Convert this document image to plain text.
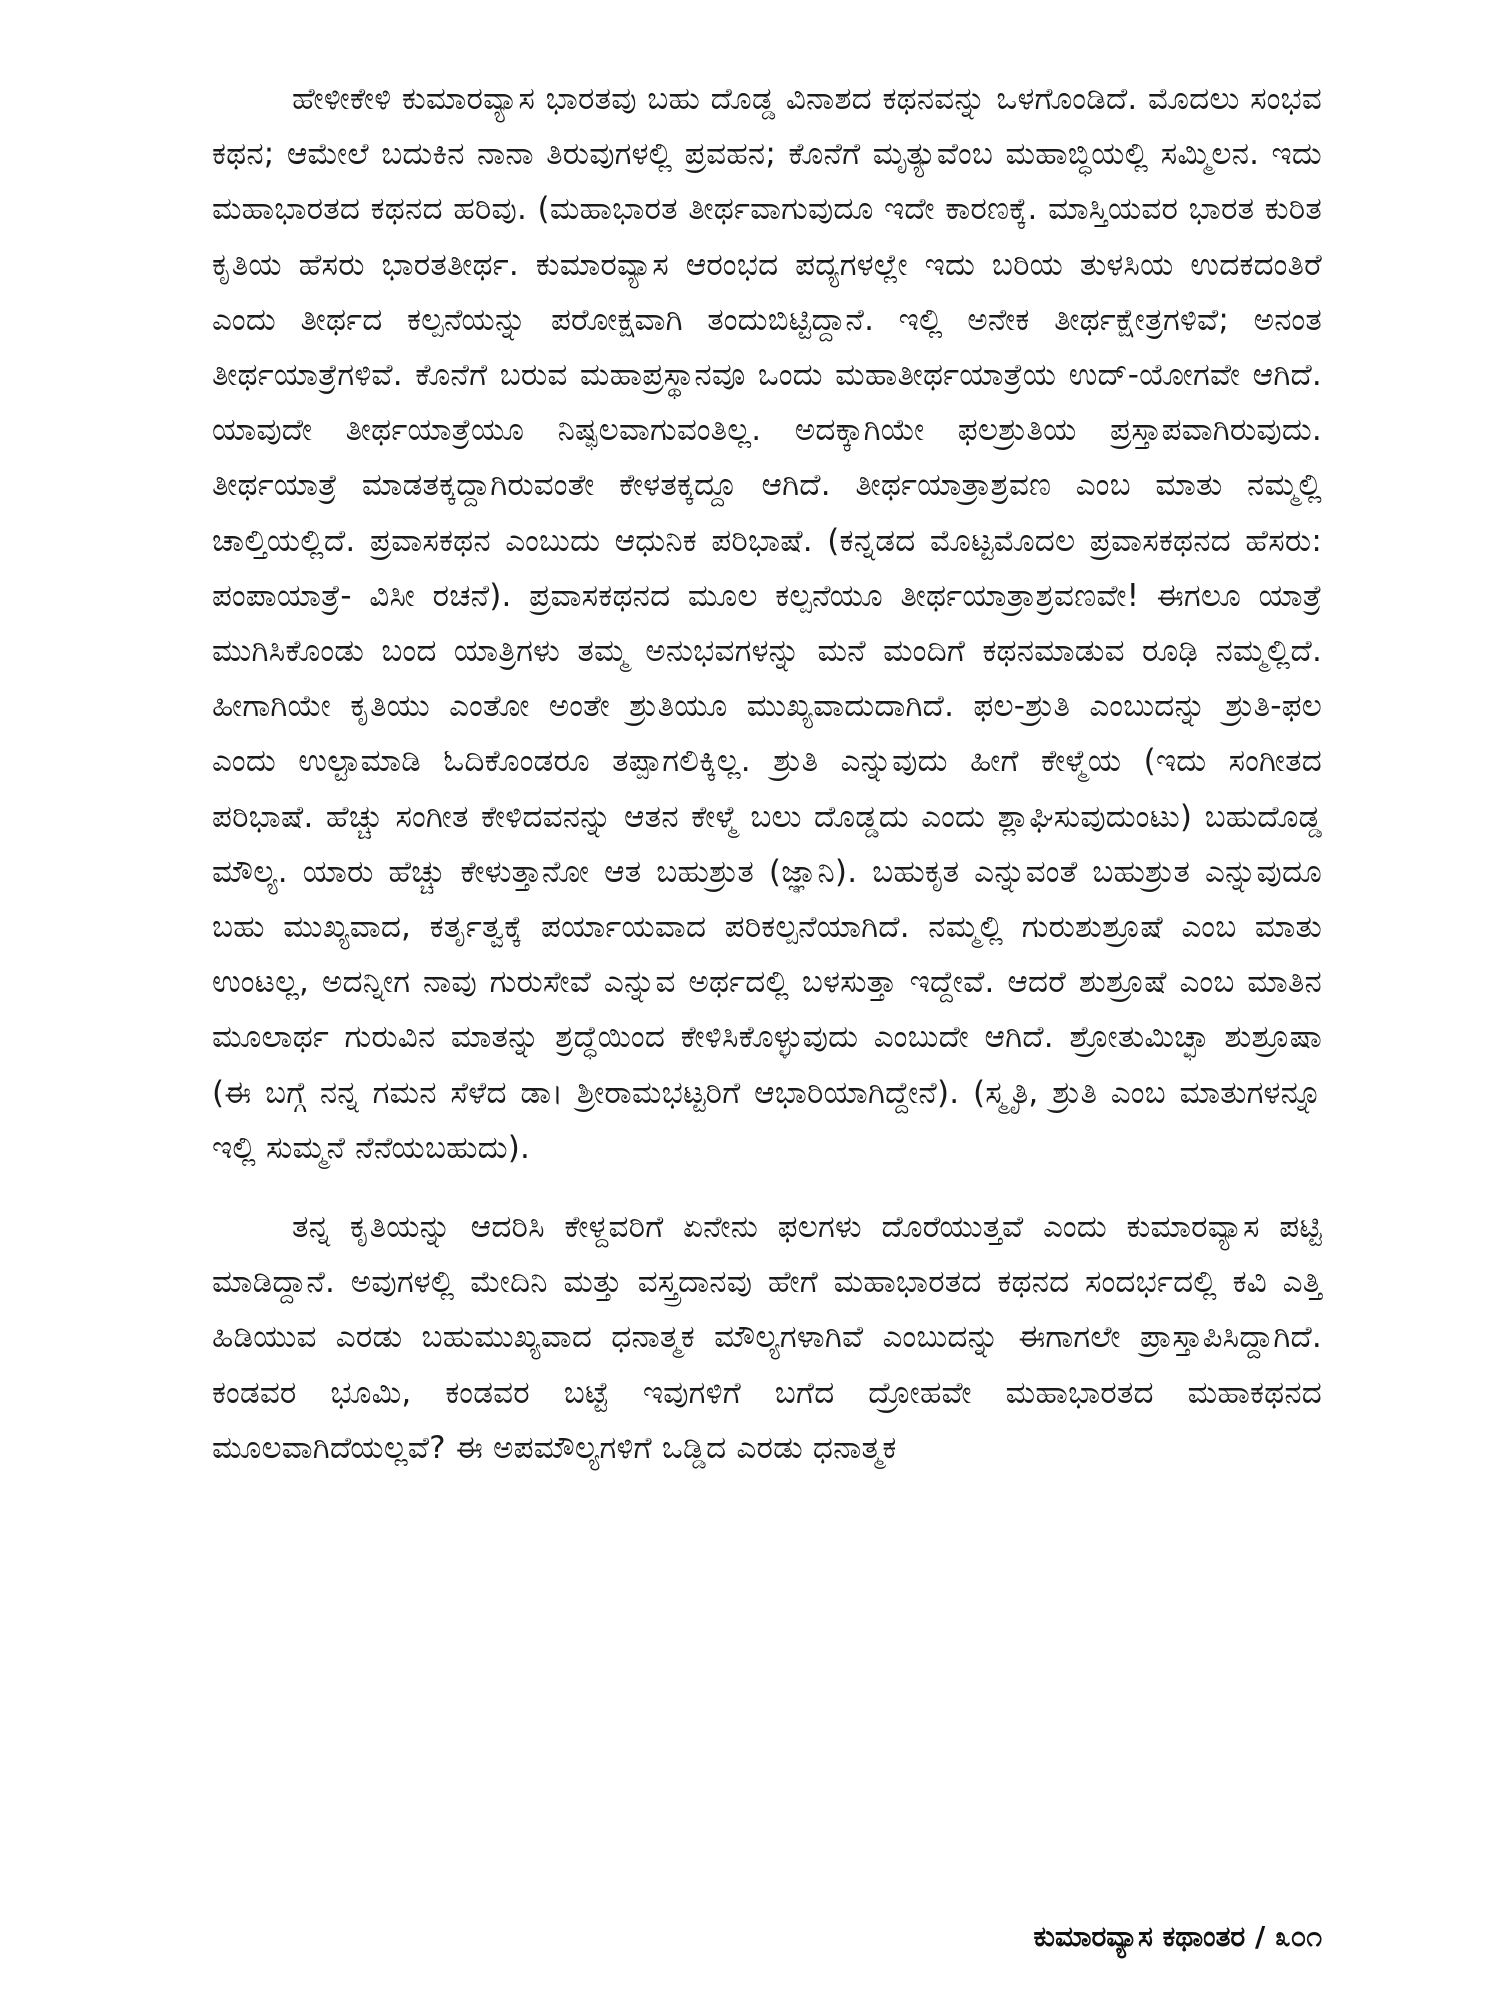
ಹೇಳೀಕೇಳಿ ಕುಮಾರವ್ಯಾಸ ಭಾರತವು ಬಹು ದೊಡ್ಡ ವಿನಾಶದ ಕಥನವನ್ನು ಒಳಗೊಂಡಿದೆ. ಮೊದಲು ಸಂಭವ ಕಥನ; ಆಮೇಲೆ ಬದುಕಿನ ನಾನಾ ತಿರುವುಗಳಲ್ಲಿ ಪ್ರವಹನ; ಕೊನೆಗೆ ಮೃತ್ಯುವೆಂಬ ಮಹಾಬ್ಧಿಯಲ್ಲಿ ಸಮ್ಮಿಲನ. ಇದು ಮಹಾಭಾರತದ ಕಥನದ ಹರಿವು. (ಮಹಾಭಾರತ ತೀರ್ಥವಾಗುವುದೂ ಇದೇ ಕಾರಣಕ್ಕೆ. ಮಾಸ್ತಿಯವರ ಭಾರತ ಕುರಿತ ಕೃತಿಯ ಹೆಸರು ಭಾರತತೀರ್ಥ. ಕುಮಾರವ್ಯಾಸ ಆರಂಭದ ಪದ್ಯಗಳಲ್ಲೇ ಇದು ಬರಿಯ ತುಳಸಿಯ ಉದಕದಂತಿರೆ ಎಂದು ತೀರ್ಥದ ಕಲ್ಪನೆಯನ್ನು ಪರೋಕ್ಷವಾಗಿ ತಂದುಬಿಟ್ಟಿದ್ದಾನೆ. ಇಲ್ಲಿ ಅನೇಕ ತೀರ್ಥಕ್ಷೇತ್ರಗಳಿವೆ; ಅನಂತ ತೀರ್ಥಯಾತ್ರೆಗಳಿವೆ. ಕೊನೆಗೆ ಬರುವ ಮಹಾಪ್ರಸ್ಥಾನವೂ ಒಂದು ಮಹಾತೀರ್ಥಯಾತ್ರೆಯ ಉದ್‌-ಯೋಗವೇ ಆಗಿದೆ. ಯಾವುದೇ ತೀರ್ಥಯಾತ್ರೆಯೂ ನಿಷ್ಫಲವಾಗುವಂತಿಲ್ಲ. ಅದಕ್ಕಾಗಿಯೇ ಫಲಶ್ರುತಿಯ ಪ್ರಸ್ತಾಪವಾಗಿರುವುದು. ತೀರ್ಥಯಾತ್ರೆ ಮಾಡತಕ್ಕದ್ದಾಗಿರುವಂತೇ ಕೇಳತಕ್ಕದ್ದೂ ಆಗಿದೆ. ತೀರ್ಥಯಾತ್ರಾಶ್ರವಣ ಎಂಬ ಮಾತು ನಮ್ಮಲ್ಲಿ ಚಾಲ್ತಿಯಲ್ಲಿದೆ. ಪ್ರವಾಸಕಥನ ಎಂಬುದು ಆಧುನಿಕ ಪರಿಭಾಷೆ. (ಕನ್ನಡದ ಮೊಟ್ಟಮೊದಲ ಪ್ರವಾಸಕಥನದ ಹೆಸರು: ಪಂಪಾಯಾತ್ರೆ- ವಿಸೀ ರಚನೆ). ಪ್ರವಾಸಕಥನದ ಮೂಲ ಕಲ್ಪನೆಯೂ ತೀರ್ಥಯಾತ್ರಾಶ್ರವಣವೇ! ಈಗಲೂ ಯಾತ್ರೆ ಮುಗಿಸಿಕೊಂಡು ಬಂದ ಯಾತ್ರಿಗಳು ತಮ್ಮ ಅನುಭವಗಳನ್ನು ಮನೆ ಮಂದಿಗೆ ಕಥನಮಾಡುವ ರೂಢಿ ನಮ್ಮಲ್ಲಿದೆ. ಹೀಗಾಗಿಯೇ ಕೃತಿಯು ಎಂತೋ ಅಂತೇ ಶ್ರುತಿಯೂ ಮುಖ್ಯವಾದುದಾಗಿದೆ. ಫಲ-ಶ್ರುತಿ ಎಂಬುದನ್ನು ಶ್ರುತಿ-ಫಲ ಎಂದು ಉಲ್ಟಾಮಾಡಿ ಓದಿಕೊಂಡರೂ ತಪ್ಪಾಗಲಿಕ್ಕಿಲ್ಲ. ಶ್ರುತಿ ಎನ್ನುವುದು ಹೀಗೆ ಕೇಳ್ಮೆಯ (ಇದು ಸಂಗೀತದ ಪರಿಭಾಷೆ. ಹೆಚ್ಚು ಸಂಗೀತ ಕೇಳಿದವನನ್ನು ಆತನ ಕೇಳ್ಮೆ ಬಲು ದೊಡ್ಡದು ಎಂದು ಶ್ಲಾಘಿಸುವುದುಂಟು) ಬಹುದೊಡ್ಡ ಮೌಲ್ಯ. ಯಾರು ಹೆಚ್ಚು ಕೇಳುತ್ತಾನೋ ಆತ ಬಹುಶ್ರುತ (ಜ್ಞಾನಿ). ಬಹುಕೃತ ಎನ್ನುವಂತೆ ಬಹುಶ್ರುತ ಎನ್ನುವುದೂ ಬಹು ಮುಖ್ಯವಾದ, ಕರ್ತೃತ್ವಕ್ಕೆ ಪರ್ಯಾಯವಾದ ಪರಿಕಲ್ಪನೆಯಾಗಿದೆ. ನಮ್ಮಲ್ಲಿ ಗುರುಶುಶ್ರೂಷೆ ಎಂಬ ಮಾತು ಉಂಟಲ್ಲ, ಅದನ್ನೀಗ ನಾವು ಗುರುಸೇವೆ ಎನ್ನುವ ಅರ್ಥದಲ್ಲಿ ಬಳಸುತ್ತಾ ಇದ್ದೇವೆ. ಆದರೆ ಶುಶ್ರೂಷೆ ಎಂಬ ಮಾತಿನ ಮೂಲಾರ್ಥ ಗುರುವಿನ ಮಾತನ್ನು ಶ್ರದ್ಧೆಯಿಂದ ಕೇಳಿಸಿಕೊಳ್ಳುವುದು ಎಂಬುದೇ ಆಗಿದೆ. ಶ್ರೋತುಮಿಚ್ಛಾ ಶುಶ್ರೂಷಾ (ಈ ಬಗ್ಗೆ ನನ್ನ ಗಮನ ಸೆಳೆದ ಡಾ। ಶ್ರೀರಾಮಭಟ್ಟರಿಗೆ ಆಭಾರಿಯಾಗಿದ್ದೇನೆ). (ಸ್ಮೃತಿ, ಶ್ರುತಿ ಎಂಬ ಮಾತುಗಳನ್ನೂ ಇಲ್ಲಿ ಸುಮ್ಮನೆ ನೆನೆಯಬಹುದು).

ತನ್ನ ಕೃತಿಯನ್ನು ಆದರಿಸಿ ಕೇಳ್ದವರಿಗೆ ಏನೇನು ಫಲಗಳು ದೊರೆಯುತ್ತವೆ ಎಂದು ಕುಮಾರವ್ಯಾಸ ಪಟ್ಟಿ ಮಾಡಿದ್ದಾನೆ. ಅವುಗಳಲ್ಲಿ ಮೇದಿನಿ ಮತ್ತು ವಸ್ತ್ರದಾನವು ಹೇಗೆ ಮಹಾಭಾರತದ ಕಥನದ ಸಂದರ್ಭದಲ್ಲಿ ಕವಿ ಎತ್ತಿ ಹಿಡಿಯುವ ಎರಡು ಬಹುಮುಖ್ಯವಾದ ಧನಾತ್ಮಕ ಮೌಲ್ಯಗಳಾಗಿವೆ ಎಂಬುದನ್ನು ಈಗಾಗಲೇ ಪ್ರಾಸ್ತಾಪಿಸಿದ್ದಾಗಿದೆ. ಕಂಡವರ ಭೂಮಿ, ಕಂಡವರ ಬಟ್ಟೆ ಇವುಗಳಿಗೆ ಬಗೆದ ದ್ರೋಹವೇ ಮಹಾಭಾರತದ ಮಹಾಕಥನದ ಮೂಲವಾಗಿದೆಯಲ್ಲವೆ? ಈ ಅಪಮೌಲ್ಯಗಳಿಗೆ ಒಡ್ಡಿದ ಎರಡು ಧನಾತ್ಮಕ

ಕುಮಾರವ್ಯಾಸ ಕಥಾಂತರ / ೩೦೧
